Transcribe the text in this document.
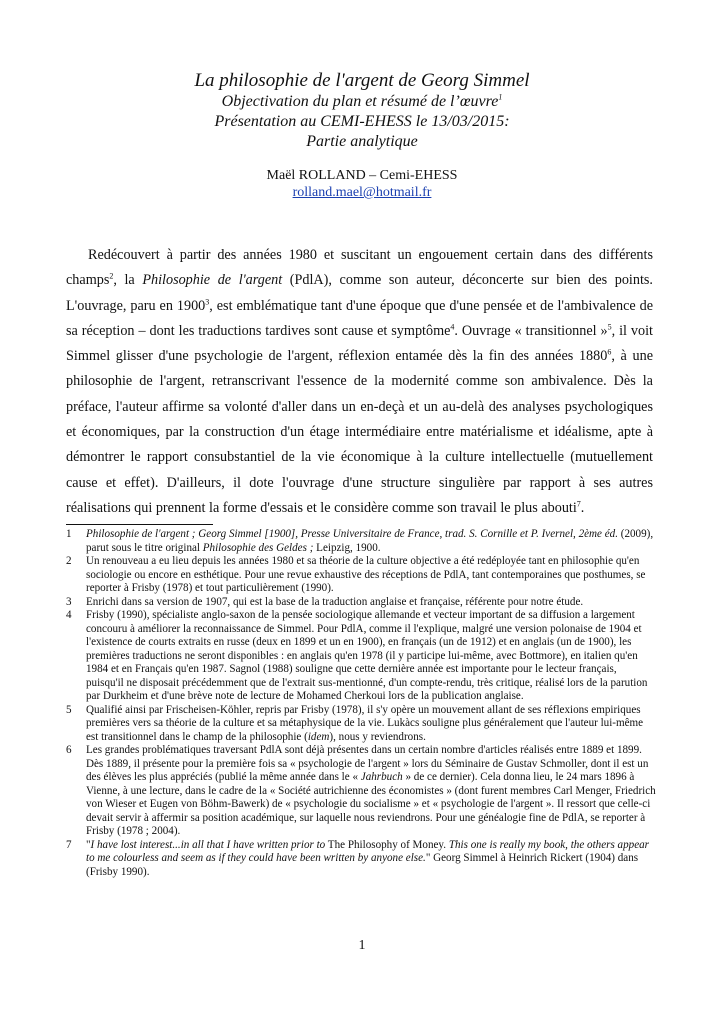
La philosophie de l'argent de Georg Simmel

Objectivation du plan et résumé de l’œuvre$^1$

Présentation au CEMI-EHESS le 13/03/2015:

Partie analytique

Maël ROLLAND – Cemi-EHESS
rolland.mael@hotmail.fr

Redécouvert à partir des années 1980 et suscitant un engouement certain dans des différents champs$^2$, la Philosophie de l'argent (PdlA), comme son auteur, déconcerte sur bien des points. L'ouvrage, paru en 1900$^3$, est emblématique tant d'une époque que d'une pensée et de l'ambivalence de sa réception – dont les traductions tardives sont cause et symptôme$^4$. Ouvrage « transitionnel »$^5$, il voit Simmel glisser d'une psychologie de l'argent, réflexion entamée dès la fin des années 1880$^6$, à une philosophie de l'argent, retranscrivant l'essence de la modernité comme son ambivalence. Dès la préface, l'auteur affirme sa volonté d'aller dans un en-deçà et un au-delà des analyses psychologiques et économiques, par la construction d'un étage intermédiaire entre matérialisme et idéalisme, apte à démontrer le rapport consubstantiel de la vie économique à la culture intellectuelle (mutuellement cause et effet). D'ailleurs, il dote l'ouvrage d'une structure singulière par rapport à ses autres réalisations qui prennent la forme d'essais et le considère comme son travail le plus abouti$^7$.

1	Philosophie de l'argent ; Georg Simmel [1900], Presse Universitaire de France, trad. S. Cornille et P. Ivernel, 2ème éd. (2009), parut sous le titre original Philosophie des Geldes ; Leipzig, 1900.
2	Un renouveau a eu lieu depuis les années 1980 et sa théorie de la culture objective a été redéployée tant en philosophie qu'en sociologie ou encore en esthétique. Pour une revue exhaustive des réceptions de PdlA, tant contemporaines que posthumes, se reporter à Frisby (1978) et tout particulièrement (1990).
3	Enrichi dans sa version de 1907, qui est la base de la traduction anglaise et française, référente pour notre étude.
4	Frisby (1990), spécialiste anglo-saxon de la pensée sociologique allemande et vecteur important de sa diffusion a largement concouru à améliorer la reconnaissance de Simmel. Pour PdlA, comme il l'explique, malgré une version polonaise de 1904 et l'existence de courts extraits en russe (deux en 1899 et un en 1900), en français (un de 1912) et en anglais (un de 1900), les premières traductions ne seront disponibles : en anglais qu'en 1978 (il y participe lui-même, avec Bottmore), en italien qu'en 1984 et en Français qu'en 1987. Sagnol (1988) souligne que cette dernière année est importante pour le lecteur français, puisqu'il ne disposait précédemment que de l'extrait sus-mentionné, d'un compte-rendu, très critique, réalisé lors de la parution par Durkheim et d'une brève note de lecture de Mohamed Cherkoui lors de la publication anglaise.
5	Qualifié ainsi par Frischeisen-Köhler, repris par Frisby (1978), il s'y opère un mouvement allant de ses réflexions empiriques premières vers sa théorie de la culture et sa métaphysique de la vie. Lukàcs souligne plus généralement que l'auteur lui-même est transitionnel dans le champ de la philosophie (idem), nous y reviendrons.
6	Les grandes problématiques traversant PdlA sont déjà présentes dans un certain nombre d'articles réalisés entre 1889 et 1899. Dès 1889, il présente pour la première fois sa « psychologie de l'argent » lors du Séminaire de Gustav Schmoller, dont il est un des élèves les plus appréciés (publié la même année dans le « Jahrbuch » de ce dernier). Cela donna lieu, le 24 mars 1896 à Vienne, à une lecture, dans le cadre de la « Société autrichienne des économistes » (dont furent membres Carl Menger, Friedrich von Wieser et Eugen von Böhm-Bawerk) de « psychologie du socialisme » et « psychologie de l'argent ». Il ressort que celle-ci devait servir à affermir sa position académique, sur laquelle nous reviendrons. Pour une généalogie fine de PdlA, se reporter à Frisby (1978 ; 2004).
7	"I have lost interest...in all that I have written prior to The Philosophy of Money. This one is really my book, the others appear to me colourless and seem as if they could have been written by anyone else." Georg Simmel à Heinrich Rickert (1904) dans (Frisby 1990).
1
